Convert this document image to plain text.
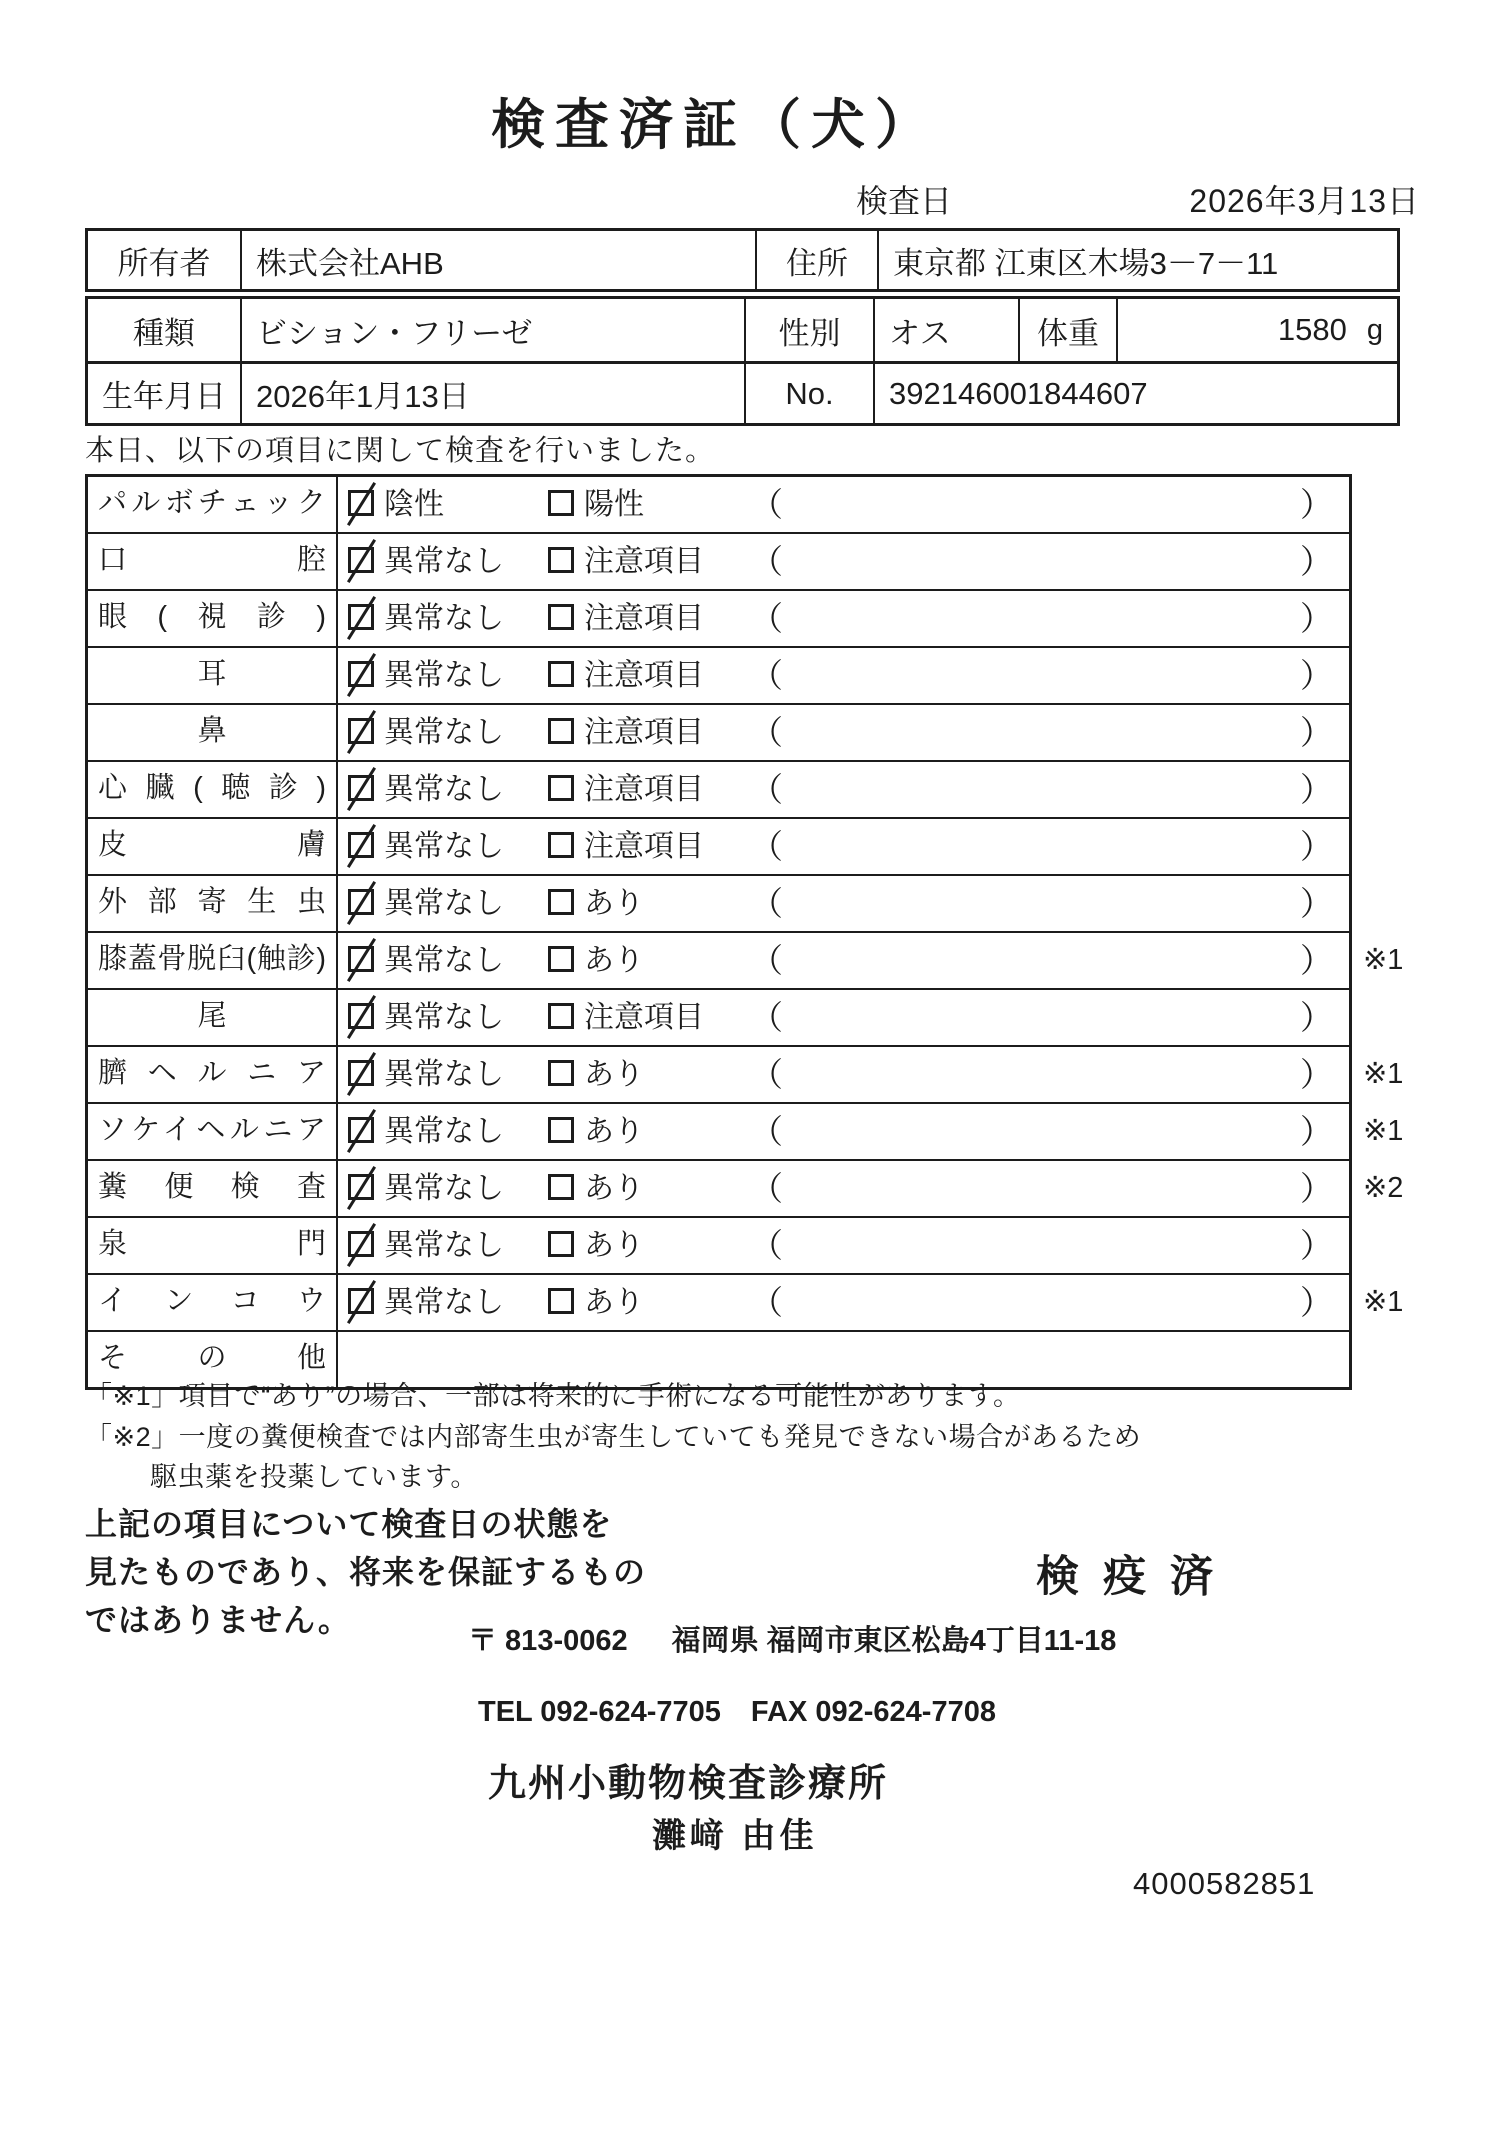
検査済証（犬）
検査日	2026年3月13日
所有者	株式会社AHB	住所	東京都 江東区木場3－7－11
種類	ビション・フリーゼ	性別	オス	体重	1580 g
生年月日 2026年1月13日	No.	392146001844607
本日、以下の項目に関して検査を行いました。
パルボチェック	陰性	陽性	（	）
口腔	異常なし	注意項目 （	）
眼(視診)	異常なし	注意項目 （	）
耳	異常なし	注意項目 （	）
鼻	異常なし	注意項目 （	）
心臓(聴診)	異常なし	注意項目 （	）
皮膚	異常なし	注意項目 （	）
外部寄生虫	異常なし	あり	（	）
膝蓋骨脱臼(触診)	異常なし	あり	（	） ※1
尾	異常なし	注意項目 （	）
臍ヘルニア	異常なし	あり	（	） ※1
ソケイヘルニア	異常なし	あり	（	） ※1
糞便検査	異常なし	あり	（	） ※2
泉門	異常なし	あり	（	）
インコウ	異常なし	あり	（	） ※1
その他
「※1」項目で“あり”の場合、一部は将来的に手術になる可能性があります。
「※2」一度の糞便検査では内部寄生虫が寄生していても発見できない場合があるため
駆虫薬を投薬しています。
上記の項目について検査日の状態を
見たものであり、将来を保証するもの
ではありません。
検疫済
〒 813-0062 福岡県 福岡市東区松島4丁目11-18
TEL 092-624-7705 FAX 092-624-7708
九州小動物検査診療所
灘﨑 由佳
4000582851
